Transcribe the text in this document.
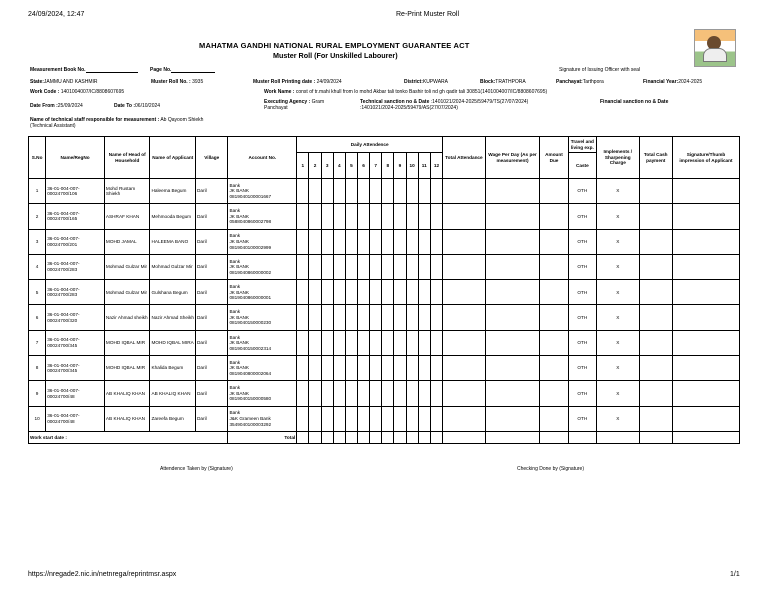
24/09/2024, 12:47	Re-Print Muster Roll
https://nregade2.nic.in/netnrega/reprintmsr.aspx	1/1
MAHATMA GANDHI NATIONAL RURAL EMPLOYMENT GUARANTEE ACT
Muster Roll (For Unskilled Labourer)
Measurement Book No.	Page No.	Signature of Issuing Officer with seal
State:JAMMU AND KASHMIR	Muster Roll No. : 3935	Muster Roll Printing date : 24/09/2024	District:KUPWARA	Block:TRATHPORA	Panchayat:Tarthpora	Financial Year:2024-2025
Work Code : 1401004007/IC/8808607695	Work Name : const of tr.mahi khull from lo mohd Akbar tali tonko Bashir toli nd gh qadir tali 30851(1401004007/IC/8808607695)
Date From :25/09/2024	Date To :06/10/2024
Executing Agency : Gram
Panchayat
Technical sanction no & Date :1401021/2024-2025/59479/TS(27/07/2024)
:1401021/2024-2025/59479/AS(27/07/2024)
Financial sanction no & Date
Name of technical staff responsible for measurement : Ab Qayoom Shiekh
(Technical Assistant)
S.No	Name/RegNo	Name of Head of Household	Name of Applicant	Village	Account No.	Daily Attendence												Total Attendance	Wage Per Day (As per measurement)	Amount Due	Travel and living exp.	Implements / Sharpening Charge	Total Cash payment	Signature/Thumb impression of Applicant
						1	2	3	4	5	6	7	8	9	10	11	12				Caste			
1	36-01-004-007-00024700/106	Mohd Rustam Shiekh	Haleema Begum	Daril	Bank
JK BANK
0819040100001667																OTH	X		
2	36-01-004-007-00024700/165	ASHRAF KHAN	Mehmooda Begum	Daril	Bank
JK BANK
0588040860002798																OTH	X		
3	36-01-004-007-00024700/201	MOHD JAMAL	HALEEMA BANO	Daril	Bank
JK BANK
0819040100002999																OTH	X		
4	36-01-004-007-00024700/283	Mohmad Gulzar Mir	Mohmad Gulzar Mir	Daril	Bank
JK BANK
0819040860000002																OTH	X		
5	36-01-004-007-00024700/283	Mohmad Gulzar Mir	Gulshana Begum	Daril	Bank
JK BANK
0819040860000001																OTH	X		
6	36-01-004-007-00024700/320	Nazir Ahmad sheikh	Nazir Ahmad Sheikh	Daril	Bank
JK BANK
0819040150000230																OTH	X		
7	36-01-004-007-00024700/345	MOHD IQBAL MIR	MOHD IQBAL MIRA	Daril	Bank
JK BANK
0819040150002314																OTH	X		
8	36-01-004-007-00024700/345	MOHD IQBAL MIR	Khalida Begum	Daril	Bank
JK BANK
0819040800002064																OTH	X		
9	36-01-004-007-00024700/48	AB KHALIQ KHAN	AB KHALIQ KHAN	Daril	Bank
JK BANK
0819040150000580																OTH	X		
10	36-01-004-007-00024700/48	AB KHALIQ KHAN	Zareefa Begum	Daril	Bank
J&K Grameen Bank
3549040100003292																OTH	X		
Work start date :					Total																			
Attendence Taken by (Signature)	Checking Done by (Signature)
